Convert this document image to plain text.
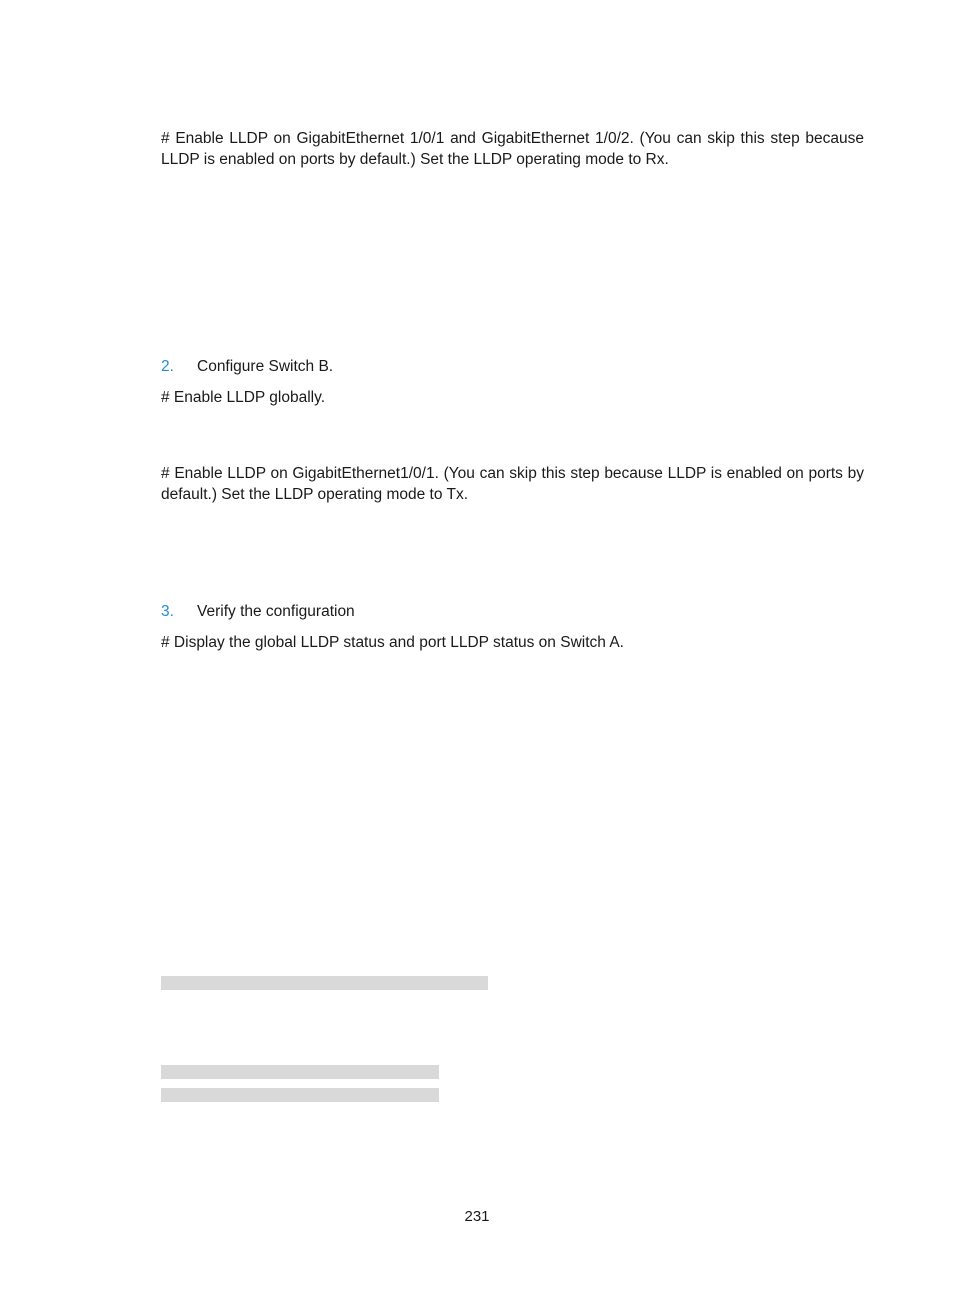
# Enable LLDP on GigabitEthernet 1/0/1 and GigabitEthernet 1/0/2. (You can skip this step because LLDP is enabled on ports by default.) Set the LLDP operating mode to Rx.

2.	Configure Switch B.

# Enable LLDP globally.

# Enable LLDP on GigabitEthernet1/0/1. (You can skip this step because LLDP is enabled on ports by default.) Set the LLDP operating mode to Tx.

3.	Verify the configuration

# Display the global LLDP status and port LLDP status on Switch A.

231
